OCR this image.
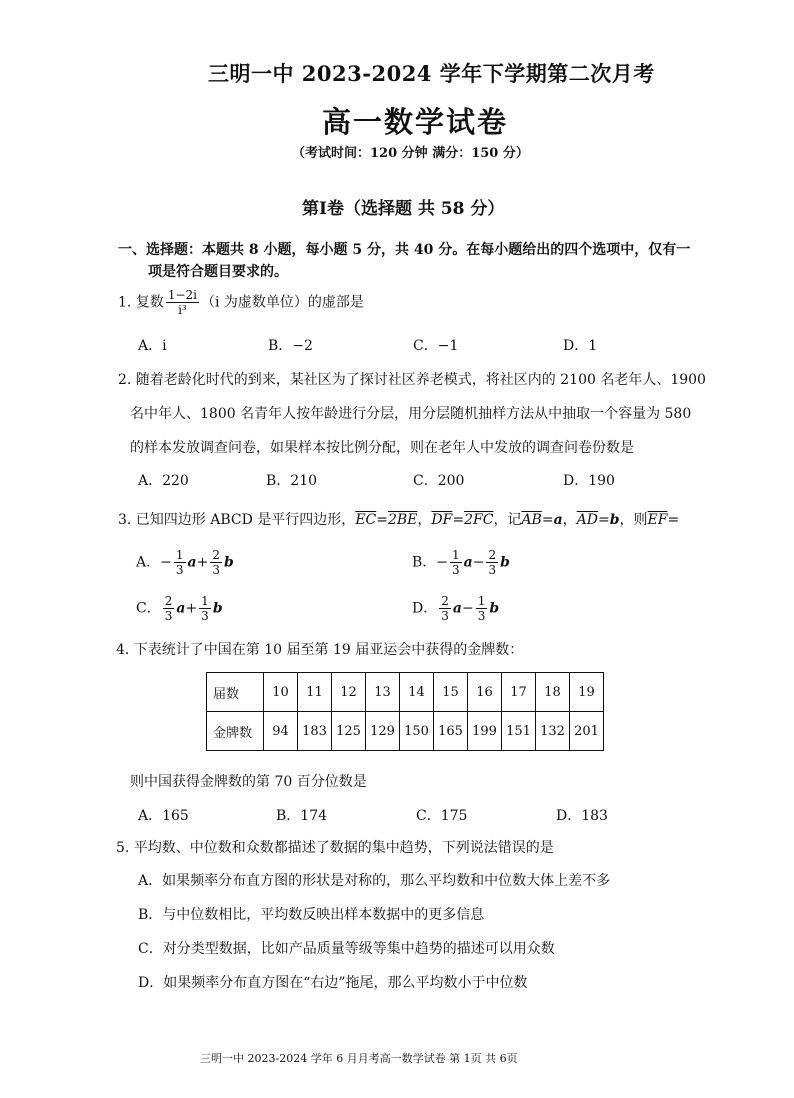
三明一中 2023-2024 学年下学期第二次月考
高一数学试卷
（考试时间：120 分钟 满分：150 分）
第Ⅰ卷（选择题 共 58 分）
一、选择题：本题共 8 小题，每小题 5 分，共 40 分。在每小题给出的四个选项中，仅有一
项是符合题目要求的。
1. 复数 $\frac{1-2i}{\text{i³}} (i$ 为虚数单位）的虚部是
A．i	B．−2	C．−1	D．1
2. 随着老龄化时代的到来，某社区为了探讨社区养老模式，将社区内的 2100 名老年人、1900
名中年人、1800 名青年人按年龄进行分层，用分层随机抽样方法从中抽取一个容量为 580
的样本发放调查问卷，如果样本按比例分配，则在老年人中发放的调查问卷份数是
A．220	B．210	C．200	D．190
3. 已知四边形 ABCD 是平行四边形，$\overline{EC}=2BE$，$\overline{DF}=2FC$，记$\overline{AB}=a$，$\overline{AD}=b$，则$\overline{EF}=$
A．− $\frac{1}{3} a+ \frac{2}{3}$ b	B．− $\frac{1}{3} a- \frac{2}{3}$ b
C． $\frac{2}{3} a+ \frac{1}{3}$ b	D． $\frac{2}{3} a- \frac{1}{3}$ b
4. 下表统计了中国在第 10 届至第 19 届亚运会中获得的金牌数：
届数	10	11	12	13	14	15	16	17	18	19
金牌数	94	183	125	129	150	165	199	151	132	201
则中国获得金牌数的第 70 百分位数是
A．165	B．174	C．175	D．183
5. 平均数、中位数和众数都描述了数据的集中趋势，下列说法错误的是
A．如果频率分布直方图的形状是对称的，那么平均数和中位数大体上差不多
B．与中位数相比，平均数反映出样本数据中的更多信息
C．对分类型数据，比如产品质量等级等集中趋势的描述可以用众数
D．如果频率分布直方图在“右边”拖尾，那么平均数小于中位数
三明一中 2023-2024 学年 6 月月考高一数学试卷 第 1页 共 6页
